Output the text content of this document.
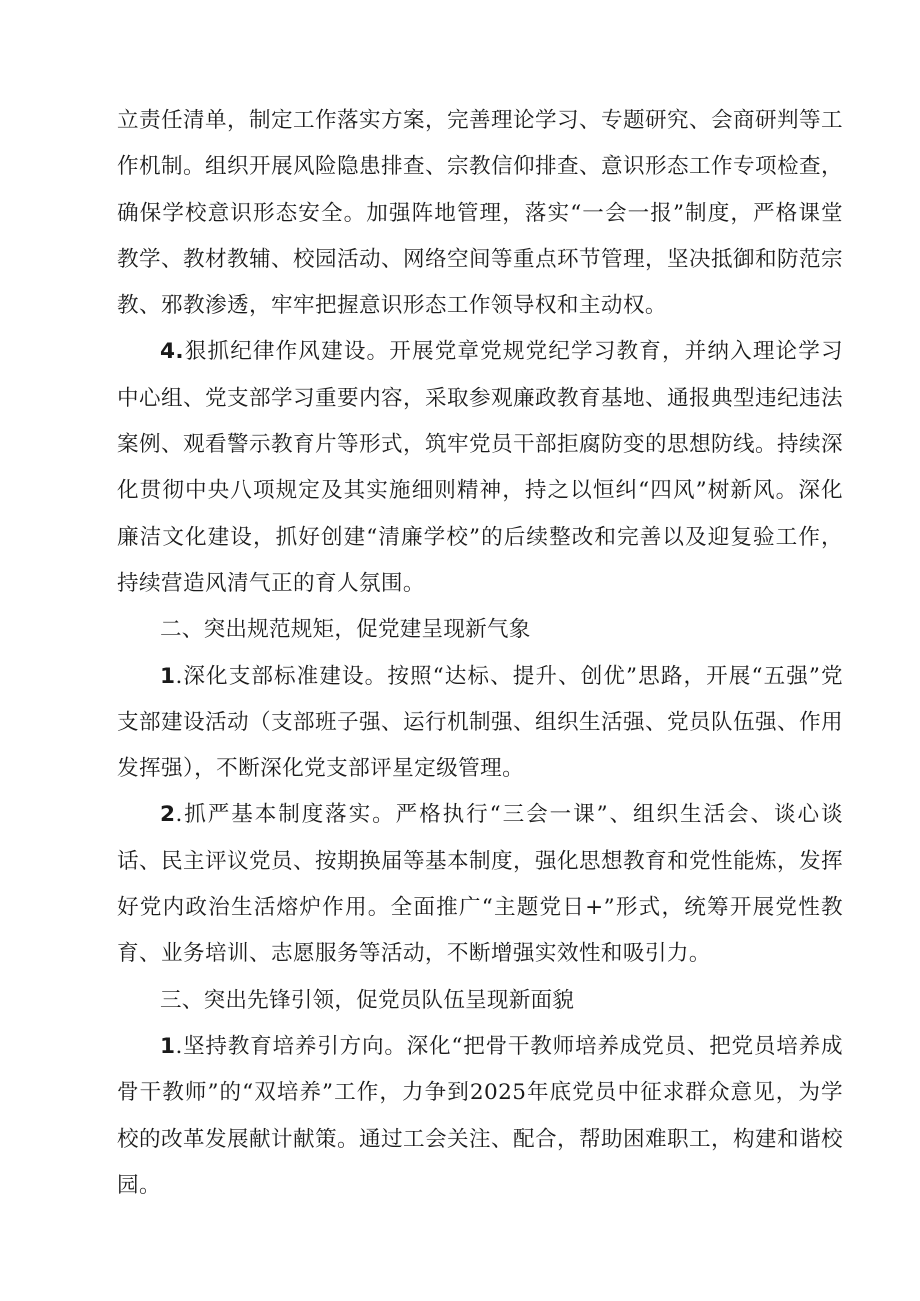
立责任清单，制定工作落实方案，完善理论学习、专题研究、会商研判等工作机制。组织开展风险隐患排查、宗教信仰排查、意识形态工作专项检查，确保学校意识形态安全。加强阵地管理，落实“一会一报”制度，严格课堂教学、教材教辅、校园活动、网络空间等重点环节管理，坚决抵御和防范宗教、邪教渗透，牢牢把握意识形态工作领导权和主动权。

4.狠抓纪律作风建设。开展党章党规党纪学习教育，并纳入理论学习中心组、党支部学习重要内容，采取参观廉政教育基地、通报典型违纪违法案例、观看警示教育片等形式，筑牢党员干部拒腐防变的思想防线。持续深化贯彻中央八项规定及其实施细则精神，持之以恒纠“四风”树新风。深化廉洁文化建设，抓好创建“清廉学校”的后续整改和完善以及迎复验工作，持续营造风清气正的育人氛围。

二、突出规范规矩，促党建呈现新气象

1.深化支部标准建设。按照“达标、提升、创优”思路，开展“五强”党支部建设活动（支部班子强、运行机制强、组织生活强、党员队伍强、作用发挥强），不断深化党支部评星定级管理。

2.抓严基本制度落实。严格执行“三会一课”、组织生活会、谈心谈话、民主评议党员、按期换届等基本制度，强化思想教育和党性能炼，发挥好党内政治生活熔炉作用。全面推广“主题党日+”形式，统筹开展党性教育、业务培训、志愿服务等活动，不断增强实效性和吸引力。

三、突出先锋引领，促党员队伍呈现新面貌

1.坚持教育培养引方向。深化“把骨干教师培养成党员、把党员培养成骨干教师”的“双培养”工作，力争到2025年底党员中征求群众意见，为学校的改革发展献计献策。通过工会关注、配合，帮助困难职工，构建和谐校园。
